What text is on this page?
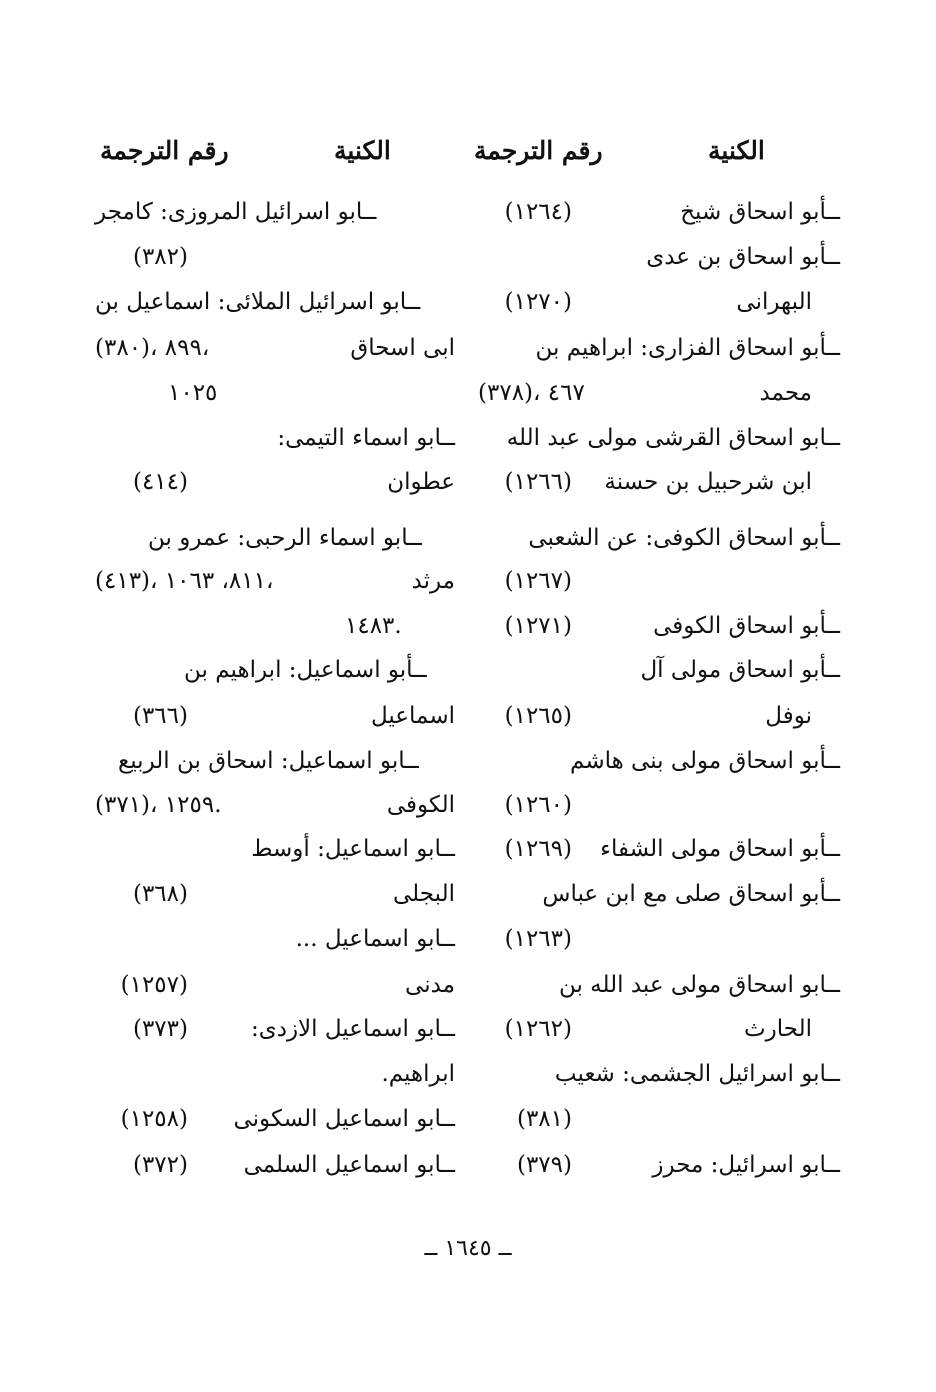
الكنية
رقم الترجمة
الكنية
رقم الترجمة
ــأبو اسحاق شيخ
(١٢٦٤)
ــأبو اسحاق بن عدى
البهرانى
(١٢٧٠)
ــأبو اسحاق الفزارى: ابراهيم بن
محمد
(٣٧٨)، ٤٦٧
ــابو اسحاق القرشى مولى عبد الله
ابن شرحبيل بن حسنة
(١٢٦٦)
ــأبو اسحاق الكوفى: عن الشعبى
(١٢٦٧)
ــأبو اسحاق الكوفى
(١٢٧١)
ــأبو اسحاق مولى آل
نوفل
(١٢٦٥)
ــأبو اسحاق مولى بنى هاشم
(١٢٦٠)
ــأبو اسحاق مولى الشفاء
(١٢٦٩)
ــأبو اسحاق صلى مع ابن عباس
(١٢٦٣)
ــابو اسحاق مولى عبد الله بن
الحارث
(١٢٦٢)
ــابو اسرائيل الجشمى: شعيب
(٣٨١)
ــابو اسرائيل: محرز
(٣٧٩)
ــابو اسرائيل المروزى: كامجر
(٣٨٢)
ــابو اسرائيل الملائى: اسماعيل بن
ابى اسحاق
(٣٨٠)، ٨٩٩،
١٠٢٥
ــابو اسماء التيمى:
عطوان
(٤١٤)
ــابو اسماء الرحبى: عمرو بن
مرثد
(٤١٣)، ٨١١، ١٠٦٣،
١٤٨٣.
ــأبو اسماعيل: ابراهيم بن
اسماعيل
(٣٦٦)
ــابو اسماعيل: اسحاق بن الربيع
الكوفى
(٣٧١)، ١٢٥٩.
ــابو اسماعيل: أوسط
البجلى
(٣٦٨)
ــابو اسماعيل ...
مدنى
(١٢٥٧)
ــابو اسماعيل الازدى:
(٣٧٣)
ابراهيم.
ــابو اسماعيل السكونى
(١٢٥٨)
ــابو اسماعيل السلمى
(٣٧٢)
ــ ١٦٤٥ ــ
